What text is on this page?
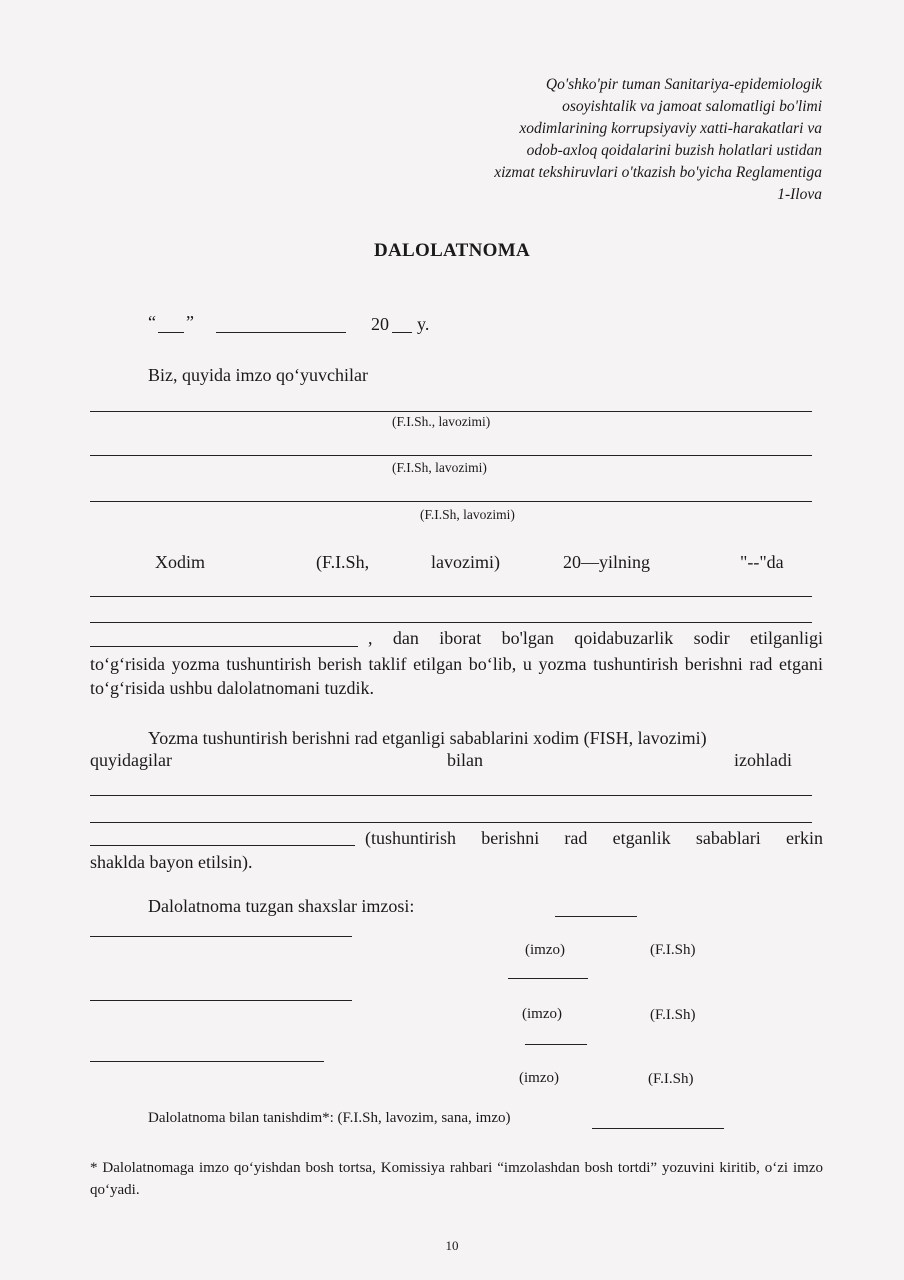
Qo'shko'pir tuman Sanitariya-epidemiologik
osoyishtalik va jamoat salomatligi bo'limi
xodimlarining korrupsiyaviy xatti-harakatlari va
odob-axloq qoidalarini buzish holatlari ustidan
xizmat tekshiruvlari o'tkazish bo'yicha Reglamentiga
1-Ilova
DALOLATNOMA
“ ”	20 y.
Biz, quyida imzo qo‘yuvchilar
(F.I.Sh., lavozimi)
(F.I.Sh, lavozimi)
(F.I.Sh, lavozimi)
Xodim	(F.I.Sh,	lavozimi)	20—yilning	"--"da
, dan iborat bo'lgan qoidabuzarlik sodir etilganligi
to‘g‘risida yozma tushuntirish berish taklif etilgan bo‘lib, u yozma tushuntirish berishni rad etgani to‘g‘risida ushbu dalolatnomani tuzdik.
Yozma tushuntirish berishni rad etganligi sabablarini xodim (FISH, lavozimi)
quyidagilar	bilan	izohladi
(tushuntirish berishni rad etganlik sabablari erkin
shaklda bayon etilsin).
Dalolatnoma tuzgan shaxslar imzosi:
(imzo)	(F.I.Sh)
(imzo)	(F.I.Sh)
(imzo)	(F.I.Sh)
Dalolatnoma bilan tanishdim*: (F.I.Sh, lavozim, sana, imzo)
* Dalolatnomaga imzo qo‘yishdan bosh tortsa, Komissiya rahbari “imzolashdan bosh tortdi” yozuvini kiritib, o‘zi imzo qo‘yadi.
10
